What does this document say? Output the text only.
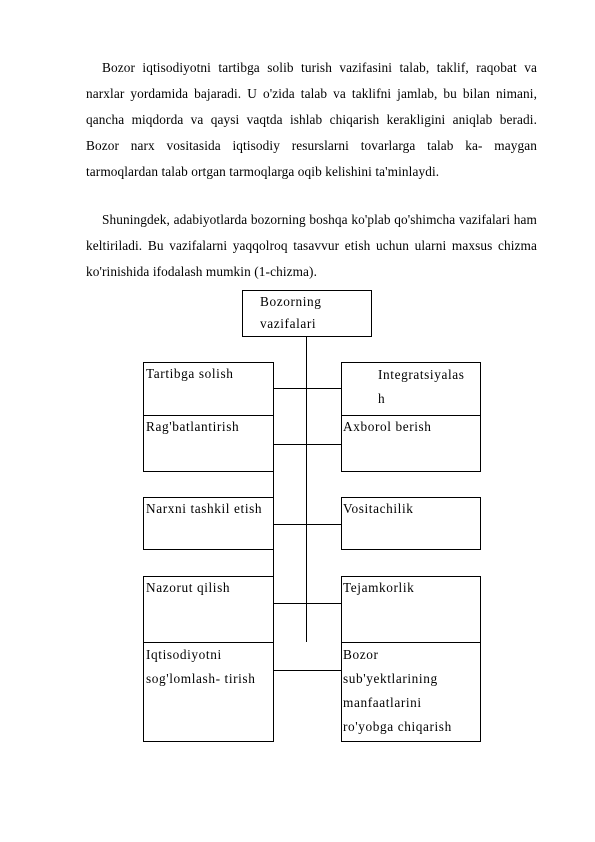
Bozor iqtisodiyotni tartibga solib turish vazifasini talab, taklif, raqobat va narxlar yordamida bajaradi. U o'zida talab va taklifni jamlab, bu bilan nimani, qancha miqdorda va qaysi vaqtda ishlab chiqarish kerakligini aniqlab beradi. Bozor narx vositasida iqtisodiy resurslarni tovarlarga talab ka- maygan tarmoqlardan talab ortgan tarmoqlarga oqib kelishini ta'minlaydi.
Shuningdek, adabiyotlarda bozorning boshqa ko'plab qo'shimcha vazifalari ham keltiriladi. Bu vazifalarni yaqqolroq tasavvur etish uchun ularni maxsus chizma ko'rinishida ifodalash mumkin (1-chizma).
Bozorning
vazifalari
Tartibga solish
Rag'batlantirish
Narxni tashkil etish
Nazorut qilish
Iqtisodiyotni
sog'lomlash- tirish
Integratsiyalas
h
Axborol berish
Vositachilik
Tejamkorlik
Bozor
sub'yektlarining
manfaatlarini
ro'yobga chiqarish
